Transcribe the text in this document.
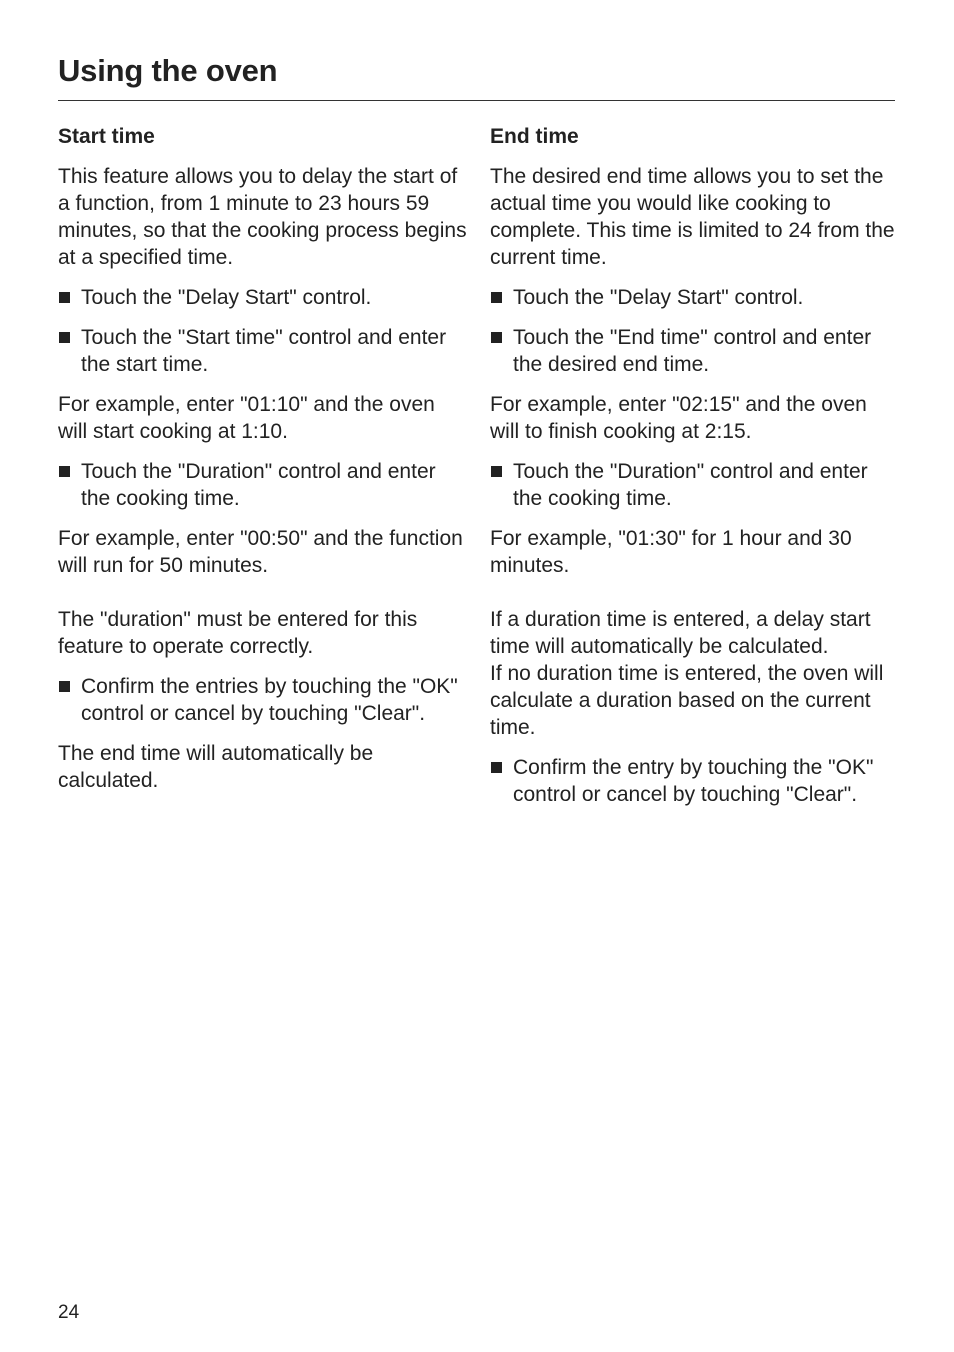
Using the oven
Start time

This feature allows you to delay the start of a function, from 1 minute to 23 hours 59 minutes, so that the cooking process begins at a specified time.

Touch the "Delay Start" control.
Touch the "Start time" control and enter the start time.

For example, enter "01:10" and the oven will start cooking at 1:10.

Touch the "Duration" control and enter the cooking time.

For example, enter "00:50" and the function will run for 50 minutes.

The "duration" must be entered for this feature to operate correctly.

Confirm the entries by touching the "OK" control or cancel by touching "Clear".

The end time will automatically be calculated.

End time

The desired end time allows you to set the actual time you would like cooking to complete. This time is limited to 24 from the current time.

Touch the "Delay Start" control.
Touch the "End time" control and enter the desired end time.

For example, enter "02:15" and the oven will to finish cooking at 2:15.

Touch the "Duration" control and enter the cooking time.

For example, "01:30" for 1 hour and 30 minutes.

If a duration time is entered, a delay start time will automatically be calculated.

If no duration time is entered, the oven will calculate a duration based on the current time.

Confirm the entry by touching the "OK" control or cancel by touching "Clear".
24
